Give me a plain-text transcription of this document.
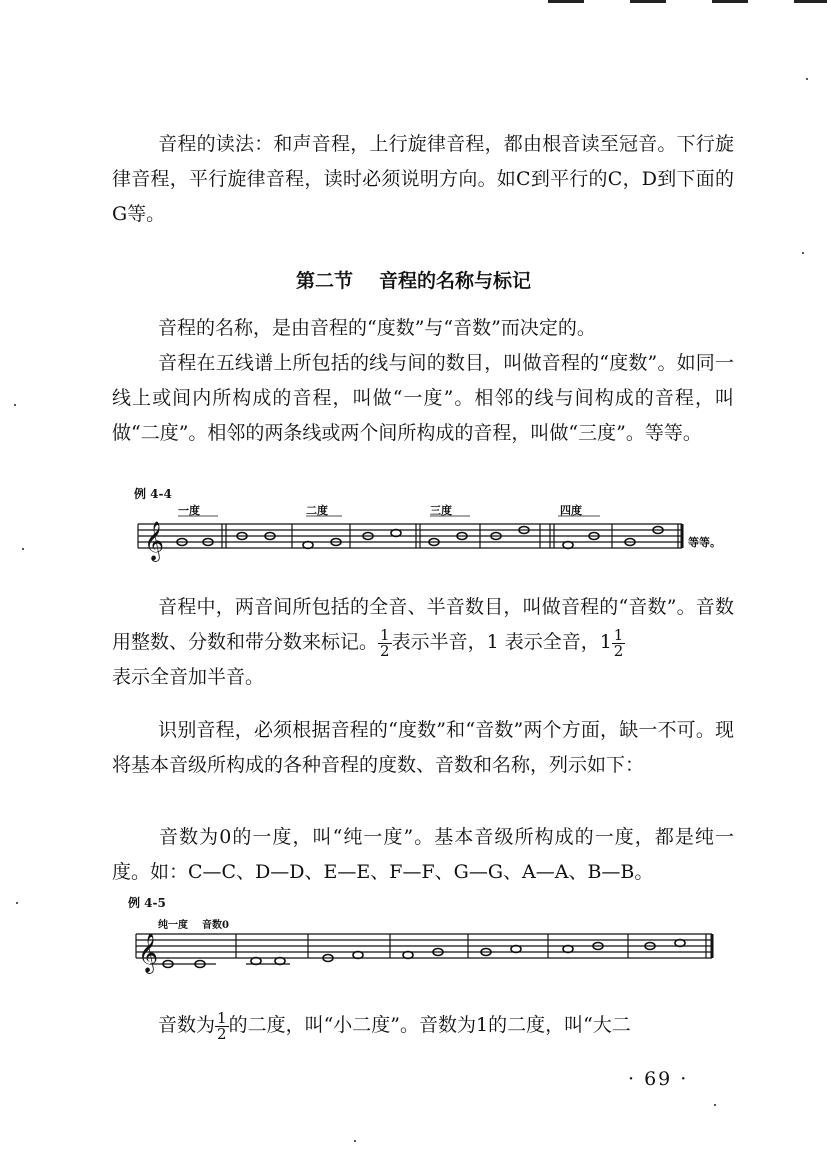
音程的读法：和声音程，上行旋律音程，都由根音读至冠音。下行旋律音程，平行旋律音程，读时必须说明方向。如C到平行的C，D到下面的G等。

第二节 音程的名称与标记

音程的名称，是由音程的“度数”与“音数”而决定的。

音程在五线谱上所包括的线与间的数目，叫做音程的“度数”。如同一线上或间内所构成的音程，叫做“一度”。相邻的线与间构成的音程，叫做“二度”。相邻的两条线或两个间所构成的音程，叫做“三度”。等等。

例 4-4
𝄞
一度	二度	三度	四度
等等。

音程中，两音间所包括的全音、半音数目，叫做音程的“音数”。音数用整数、分数和带分数来标记。 $\frac{1}{2}$ 表示半音，1 表示全音，$1 \frac{1}{2}$

表示全音加半音。

识别音程，必须根据音程的“度数”和“音数”两个方面，缺一不可。现将基本音级所构成的各种音程的度数、音数和名称，列示如下：

音数为0的一度，叫“纯一度”。基本音级所构成的一度，都是纯一度。如：C—C、D—D、E—E、F—F、G—G、A—A、B—B。

例 4-5
𝄞
纯一度 音数0

音数为 $\frac{1}{2}$ 的二度，叫“小二度”。音数为1的二度，叫“大二

· 69 ·
